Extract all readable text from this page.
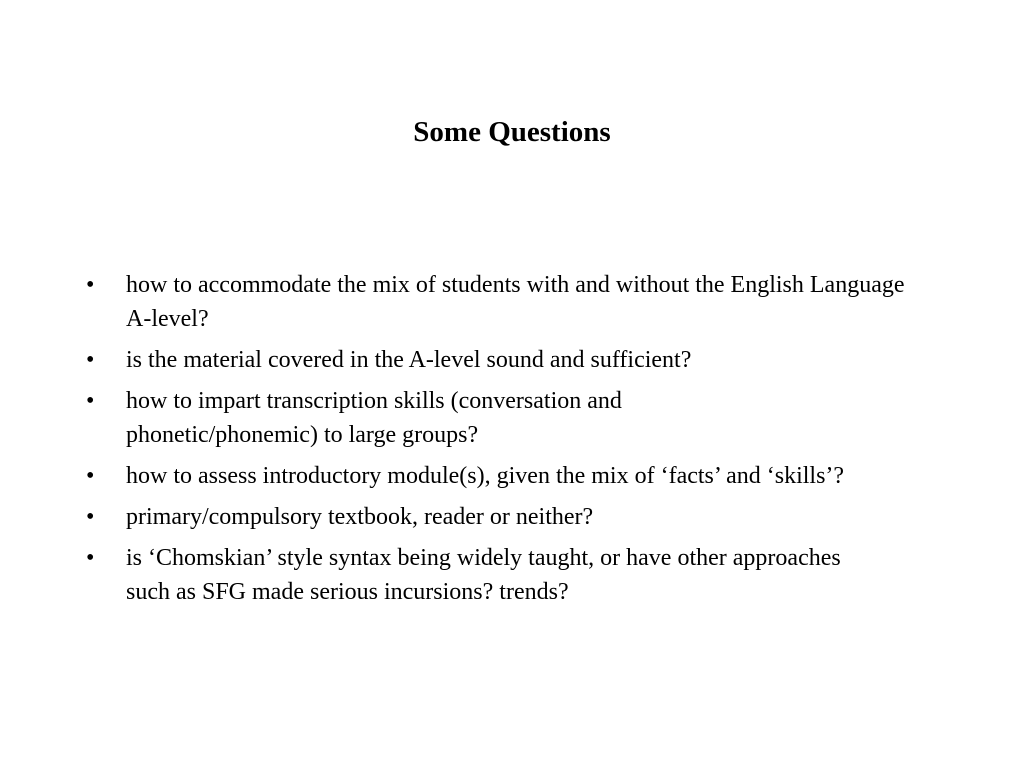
Some Questions
•	how to accommodate the mix of students with and without the English Language A-level?
•	is the material covered in the A-level sound and sufficient?
•	how to impart transcription skills (conversation and phonetic/phonemic) to large groups?
•	how to assess introductory module(s), given the mix of ‘facts’ and ‘skills’?
•	primary/compulsory textbook, reader or neither?
•	is ‘Chomskian’ style syntax being widely taught, or have other approaches such as SFG made serious incursions? trends?
